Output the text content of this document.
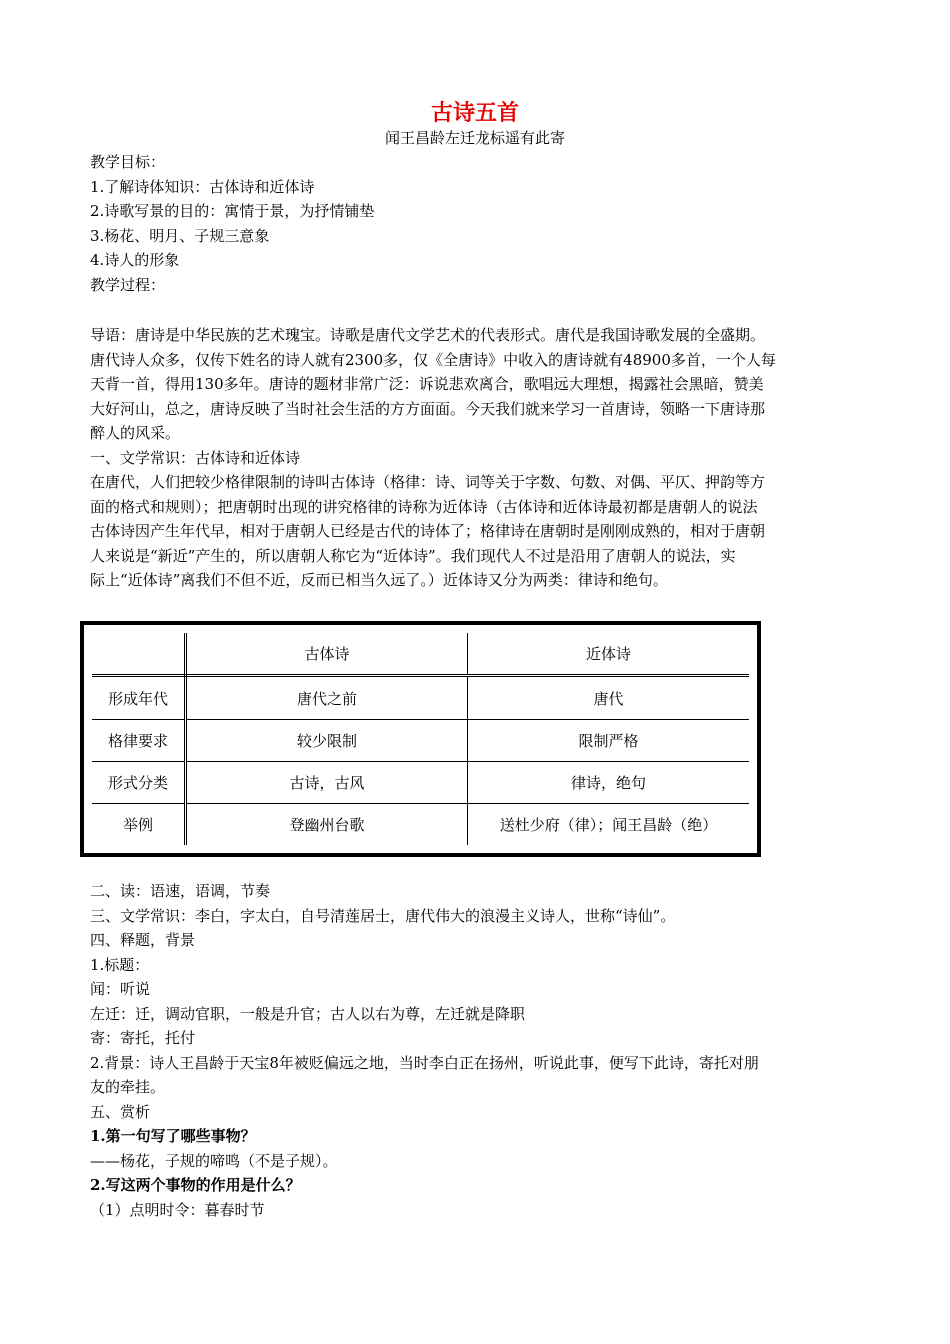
古诗五首
闻王昌龄左迁龙标遥有此寄
教学目标：
1.了解诗体知识：古体诗和近体诗
2.诗歌写景的目的：寓情于景，为抒情铺垫
3.杨花、明月、子规三意象
4.诗人的形象
教学过程：
导语：唐诗是中华民族的艺术瑰宝。诗歌是唐代文学艺术的代表形式。唐代是我国诗歌发展的全盛期。
唐代诗人众多，仅传下姓名的诗人就有2300多，仅《全唐诗》中收入的唐诗就有48900多首，一个人每
天背一首，得用130多年。唐诗的题材非常广泛：诉说悲欢离合，歌唱远大理想，揭露社会黑暗，赞美
大好河山，总之，唐诗反映了当时社会生活的方方面面。今天我们就来学习一首唐诗，领略一下唐诗那
醉人的风采。
一、文学常识：古体诗和近体诗
在唐代，人们把较少格律限制的诗叫古体诗（格律：诗、词等关于字数、句数、对偶、平仄、押韵等方
面的格式和规则）；把唐朝时出现的讲究格律的诗称为近体诗（古体诗和近体诗最初都是唐朝人的说法
古体诗因产生年代早，相对于唐朝人已经是古代的诗体了；格律诗在唐朝时是刚刚成熟的，相对于唐朝
人来说是“新近”产生的，所以唐朝人称它为“近体诗”。我们现代人不过是沿用了唐朝人的说法，实
际上“近体诗”离我们不但不近，反而已相当久远了。）近体诗又分为两类：律诗和绝句。
	古体诗	近体诗
形成年代	唐代之前	唐代
格律要求	较少限制	限制严格
形式分类	古诗，古风	律诗，绝句
举例	登幽州台歌	送杜少府（律）；闻王昌龄（绝）
二、读：语速，语调，节奏
三、文学常识：李白，字太白，自号清莲居士，唐代伟大的浪漫主义诗人，世称“诗仙”。
四、释题，背景
1.标题：
闻：听说
左迁：迁，调动官职，一般是升官；古人以右为尊，左迁就是降职
寄：寄托，托付
2.背景：诗人王昌龄于天宝8年被贬偏远之地，当时李白正在扬州，听说此事，便写下此诗，寄托对朋
友的牵挂。
五、赏析
1.第一句写了哪些事物？
——杨花，子规的啼鸣（不是子规）。
2.写这两个事物的作用是什么？
（1）点明时令：暮春时节
